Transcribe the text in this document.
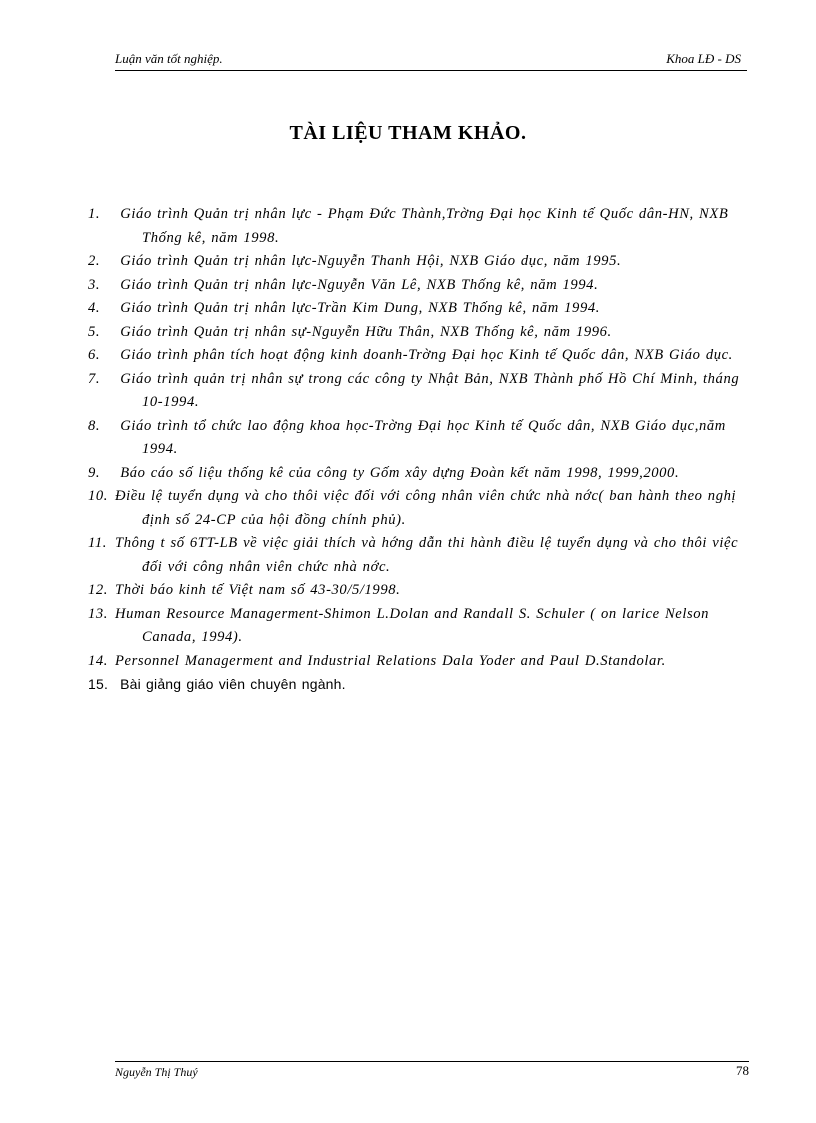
Luận văn tốt nghiệp.	Khoa LĐ - DS
TÀI LIỆU THAM KHẢO.
1. Giáo trình Quản trị nhân lực - Phạm Đức Thành,Trờng Đại học Kinh tế Quốc dân-HN, NXB Thống kê, năm 1998.
2. Giáo trình Quản trị nhân lực-Nguyễn Thanh Hội, NXB Giáo dục, năm 1995.
3. Giáo trình Quản trị nhân lực-Nguyễn Văn Lê, NXB Thống kê, năm 1994.
4. Giáo trình Quản trị nhân lực-Trần Kim Dung, NXB Thống kê, năm 1994.
5. Giáo trình Quản trị nhân sự-Nguyễn Hữu Thân, NXB Thống kê, năm 1996.
6. Giáo trình phân tích hoạt động kinh doanh-Trờng Đại học Kinh tế Quốc dân, NXB Giáo dục.
7. Giáo trình quản trị nhân sự trong các công ty Nhật Bản, NXB Thành phố Hồ Chí Minh, tháng 10-1994.
8. Giáo trình tổ chức lao động khoa học-Trờng Đại học Kinh tế Quốc dân, NXB Giáo dục,năm 1994.
9. Báo cáo số liệu thống kê của công ty Gốm xây dựng Đoàn kết năm 1998, 1999,2000.
10. Điều lệ tuyển dụng và cho thôi việc đối với công nhân viên chức nhà nớc( ban hành theo nghị định số 24-CP của hội đồng chính phủ).
11. Thông t số 6TT-LB về việc giải thích và hớng dẫn thi hành điều lệ tuyển dụng và cho thôi việc đối với công nhân viên chức nhà nớc.
12. Thời báo kinh tế Việt nam số 43-30/5/1998.
13. Human Resource Managerment-Shimon L.Dolan and Randall S. Schuler ( on larice Nelson Canada, 1994).
14. Personnel Managerment and Industrial Relations Dala Yoder and Paul D.Standolar.
15. Bài giảng giáo viên chuyên ngành.
Nguyễn Thị Thuý	78
